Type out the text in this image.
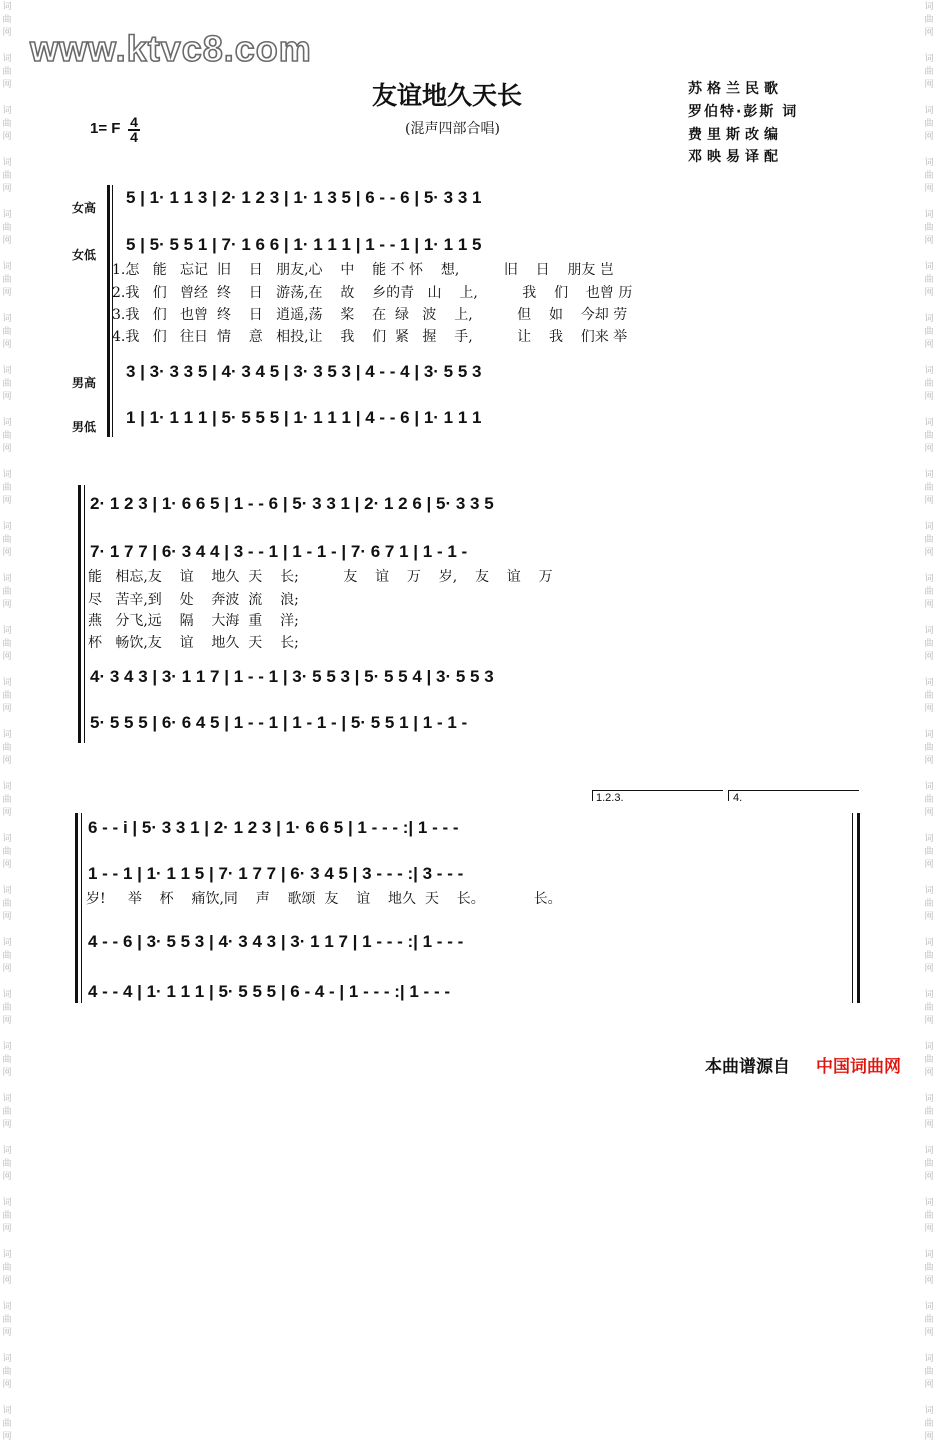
词
曲
网

词
曲
网

词
曲
网

词
曲
网

词
曲
网

词
曲
网

词
曲
网

词
曲
网

词
曲
网

词
曲
网

词
曲
网

词
曲
网

词
曲
网

词
曲
网

词
曲
网

词
曲
网

词
曲
网

词
曲
网

词
曲
网

词
曲
网

词
曲
网

词
曲
网

词
曲
网

词
曲
网

词
曲
网

词
曲
网

词
曲
网

词
曲
网

词
曲
网

词
曲
网

词
曲
网

词
曲
网

词
曲
网

词
曲
网

词
曲
网

词
曲
网

词
曲
网

词
曲
网

词
曲
网

词
曲
网

词
曲
网

词
曲
网

词
曲
网

词
曲
网

词
曲
网

词
曲
网

词
曲
网

词
曲
网

词
曲
网

词
曲
网

词
曲
网

词
曲
网

词
曲
网

词
曲
网

词
曲
网

词
曲
网

www.ktvc8.com
友谊地久天长
(混声四部合唱)
1= F 4
4
苏格兰民歌
罗伯特·彭斯 词
费里斯改编
邓映易译配
女高
女低
男高
男低
5 | 1· 1 1 3 | 2· 1 2 3 | 1· 1 3 5 | 6 - - 6 | 5· 3 3 1
5 | 5· 5 5 1 | 7· 1 6 6 | 1· 1 1 1 | 1 - - 1 | 1· 1 1 5
1.怎   能   忘记  旧    日   朋友,心    中    能 不 怀    想,          旧    日    朋友 岂
2.我   们   曾经  终    日   游荡,在    故    乡的青   山    上,          我    们    也曾 历
3.我   们   也曾  终    日   逍遥,荡    桨    在  绿   波    上,          但    如    今却 劳
4.我   们   往日  情    意   相投,让    我    们  紧   握    手,          让    我    们来 举
3 | 3· 3 3 5 | 4· 3 4 5 | 3· 3 5 3 | 4 - - 4 | 3· 5 5 3
1 | 1· 1 1 1 | 5· 5 5 5 | 1· 1 1 1 | 4 - - 6 | 1· 1 1 1
2· 1 2 3 | 1· 6 6 5 | 1 - - 6 | 5· 3 3 1 | 2· 1 2 6 | 5· 3 3 5
7· 1 7 7 | 6· 3 4 4 | 3 - - 1 | 1 - 1 - | 7· 6 7 1 | 1 - 1 -
能   相忘,友    谊    地久  天    长;          友    谊    万    岁,    友    谊    万
尽   苦辛,到    处    奔波  流    浪;
燕   分飞,远    隔    大海  重    洋;
杯   畅饮,友    谊    地久  天    长;
4· 3 4 3 | 3· 1 1 7 | 1 - - 1 | 3· 5 5 3 | 5· 5 5 4 | 3· 5 5 3
5· 5 5 5 | 6· 6 4 5 | 1 - - 1 | 1 - 1 - | 5· 5 5 1 | 1 - 1 -
1.2.3.	4.
6 - - i | 5· 3 3 1 | 2· 1 2 3 | 1· 6 6 5 | 1 - - - :| 1 - - -
1 - - 1 | 1· 1 1 5 | 7· 1 7 7 | 6· 3 4 5 | 3 - - - :| 3 - - -
岁!     举    杯    痛饮,同    声    歌颂  友    谊    地久  天    长。           长。
4 - - 6 | 3· 5 5 3 | 4· 3 4 3 | 3· 1 1 7 | 1 - - - :| 1 - - -
4 - - 4 | 1· 1 1 1 | 5· 5 5 5 | 6 - 4 - | 1 - - - :| 1 - - -
本曲谱源自 中国词曲网
